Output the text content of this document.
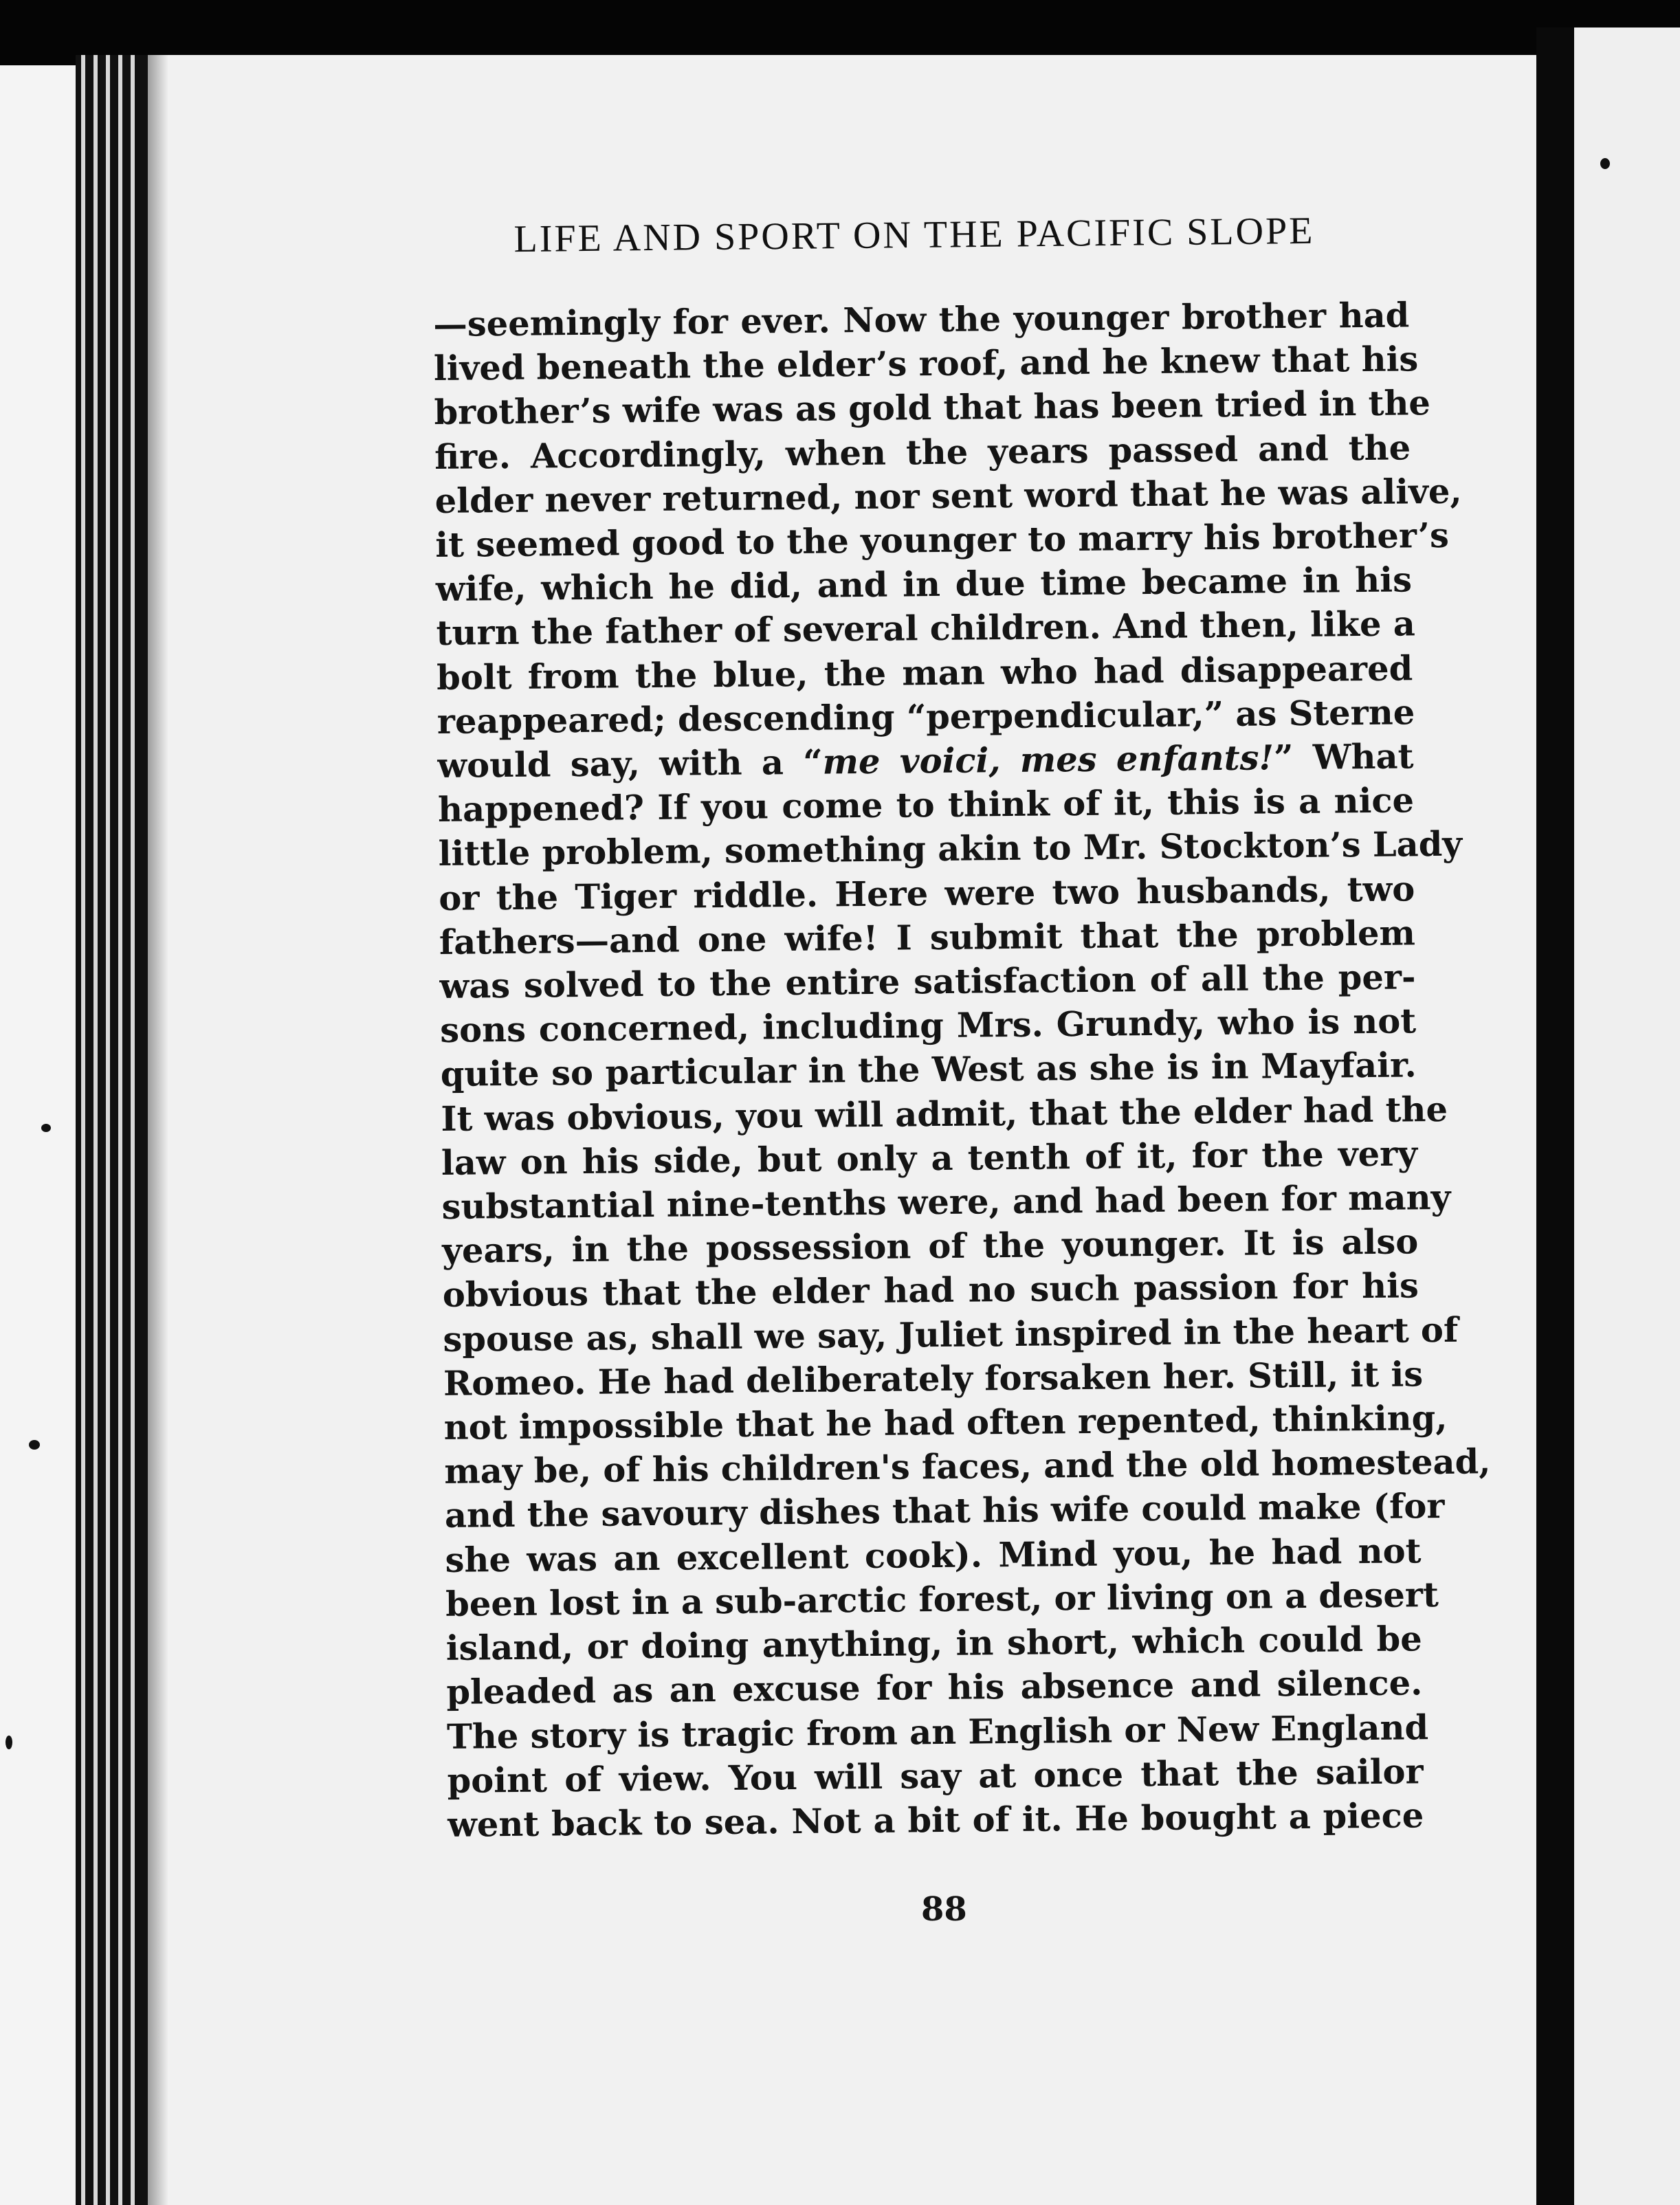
LIFE AND SPORT ON THE PACIFIC SLOPE
—seemingly for ever. Now the younger brother had
lived beneath the elder’s roof, and he knew that his
brother’s wife was as gold that has been tried in the
fire. Accordingly, when the years passed and the
elder never returned, nor sent word that he was alive,
it seemed good to the younger to marry his brother’s
wife, which he did, and in due time became in his
turn the father of several children. And then, like a
bolt from the blue, the man who had disappeared
reappeared; descending “perpendicular,” as Sterne
would say, with a “me voici, mes enfants!” What
happened? If you come to think of it, this is a nice
little problem, something akin to Mr. Stockton’s Lady
or the Tiger riddle. Here were two husbands, two
fathers—and one wife! I submit that the problem
was solved to the entire satisfaction of all the per-
sons concerned, including Mrs. Grundy, who is not
quite so particular in the West as she is in Mayfair.
It was obvious, you will admit, that the elder had the
law on his side, but only a tenth of it, for the very
substantial nine-tenths were, and had been for many
years, in the possession of the younger. It is also
obvious that the elder had no such passion for his
spouse as, shall we say, Juliet inspired in the heart of
Romeo. He had deliberately forsaken her. Still, it is
not impossible that he had often repented, thinking,
may be, of his children's faces, and the old homestead,
and the savoury dishes that his wife could make (for
she was an excellent cook). Mind you, he had not
been lost in a sub-arctic forest, or living on a desert
island, or doing anything, in short, which could be
pleaded as an excuse for his absence and silence.
The story is tragic from an English or New England
point of view. You will say at once that the sailor
went back to sea. Not a bit of it. He bought a piece
88
